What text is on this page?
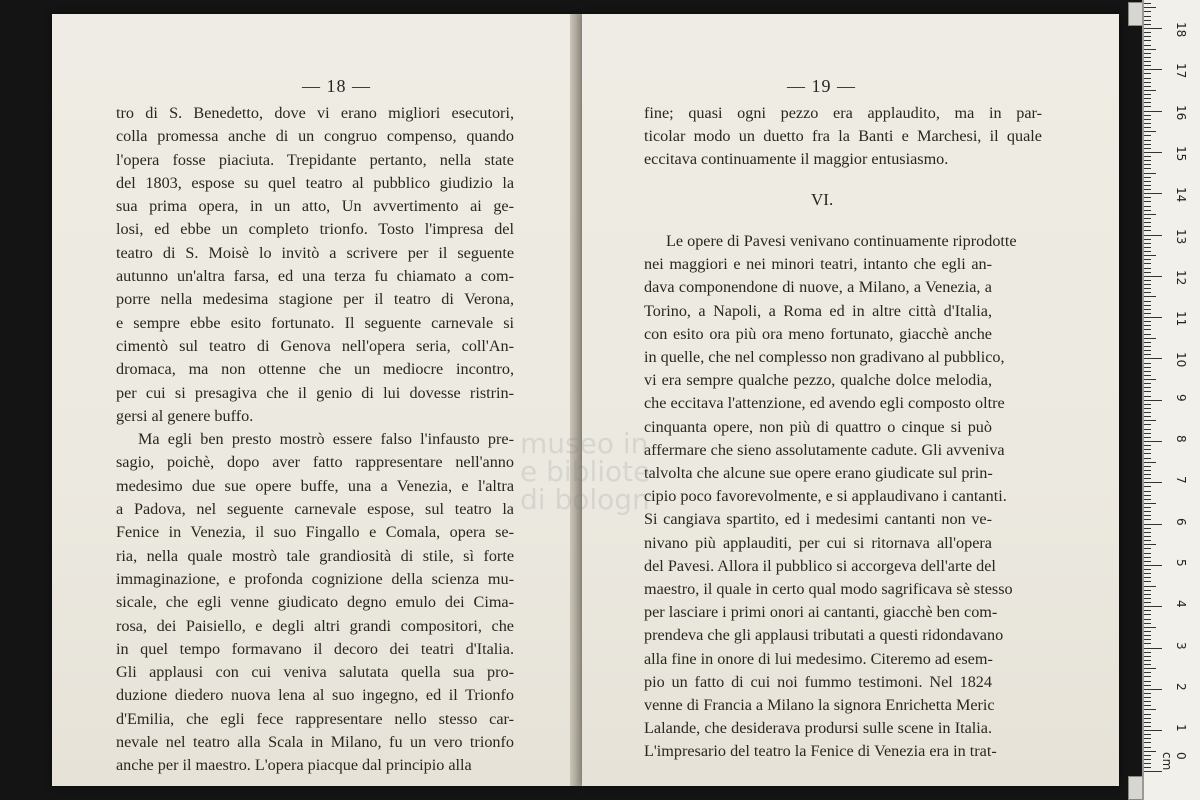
— 18 —	— 19 —
tro di S. Benedetto, dove vi erano migliori esecutori,
colla promessa anche di un congruo compenso, quando
l'opera fosse piaciuta. Trepidante pertanto, nella state
del 1803, espose su quel teatro al pubblico giudizio la
sua prima opera, in un atto, Un avvertimento ai ge-
losi, ed ebbe un completo trionfo. Tosto l'impresa del
teatro di S. Moisè lo invitò a scrivere per il seguente
autunno un'altra farsa, ed una terza fu chiamato a com-
porre nella medesima stagione per il teatro di Verona,
e sempre ebbe esito fortunato. Il seguente carnevale si
cimentò sul teatro di Genova nell'opera seria, coll'An-
dromaca, ma non ottenne che un mediocre incontro,
per cui si presagiva che il genio di lui dovesse ristrin-
gersi al genere buffo.
Ma egli ben presto mostrò essere falso l'infausto pre-
sagio, poichè, dopo aver fatto rappresentare nell'anno
medesimo due sue opere buffe, una a Venezia, e l'altra
a Padova, nel seguente carnevale espose, sul teatro la
Fenice in Venezia, il suo Fingallo e Comala, opera se-
ria, nella quale mostrò tale grandiosità di stile, sì forte
immaginazione, e profonda cognizione della scienza mu-
sicale, che egli venne giudicato degno emulo dei Cima-
rosa, dei Paisiello, e degli altri grandi compositori, che
in quel tempo formavano il decoro dei teatri d'Italia.
Gli applausi con cui veniva salutata quella sua pro-
duzione diedero nuova lena al suo ingegno, ed il Trionfo
d'Emilia, che egli fece rappresentare nello stesso car-
nevale nel teatro alla Scala in Milano, fu un vero trionfo
anche per il maestro. L'opera piacque dal principio alla
fine; quasi ogni pezzo era applaudito, ma in par-
ticolar modo un duetto fra la Banti e Marchesi, il quale
eccitava continuamente il maggior entusiasmo.
VI.
Le opere di Pavesi venivano continuamente riprodotte
nei maggiori e nei minori teatri, intanto che egli an-
dava componendone di nuove, a Milano, a Venezia, a
Torino, a Napoli, a Roma ed in altre città d'Italia,
con esito ora più ora meno fortunato, giacchè anche
in quelle, che nel complesso non gradivano al pubblico,
vi era sempre qualche pezzo, qualche dolce melodia,
che eccitava l'attenzione, ed avendo egli composto oltre
cinquanta opere, non più di quattro o cinque si può
affermare che sieno assolutamente cadute. Gli avveniva
talvolta che alcune sue opere erano giudicate sul prin-
cipio poco favorevolmente, e si applaudivano i cantanti.
Si cangiava spartito, ed i medesimi cantanti non ve-
nivano più applauditi, per cui si ritornava all'opera
del Pavesi. Allora il pubblico si accorgeva dell'arte del
maestro, il quale in certo qual modo sagrificava sè stesso
per lasciare i primi onori ai cantanti, giacchè ben com-
prendeva che gli applausi tributati a questi ridondavano
alla fine in onore di lui medesimo. Citeremo ad esem-
pio un fatto di cui noi fummo testimoni. Nel 1824
venne di Francia a Milano la signora Enrichetta Meric
Lalande, che desiderava prodursi sulle scene in Italia.
L'impresario del teatro la Fenice di Venezia era in trat-
museo in
e bibliote
di bologn
18
17
16
15
14
13
12
11
10
9
8
7
6
5
4
3
2
1
0 cm
